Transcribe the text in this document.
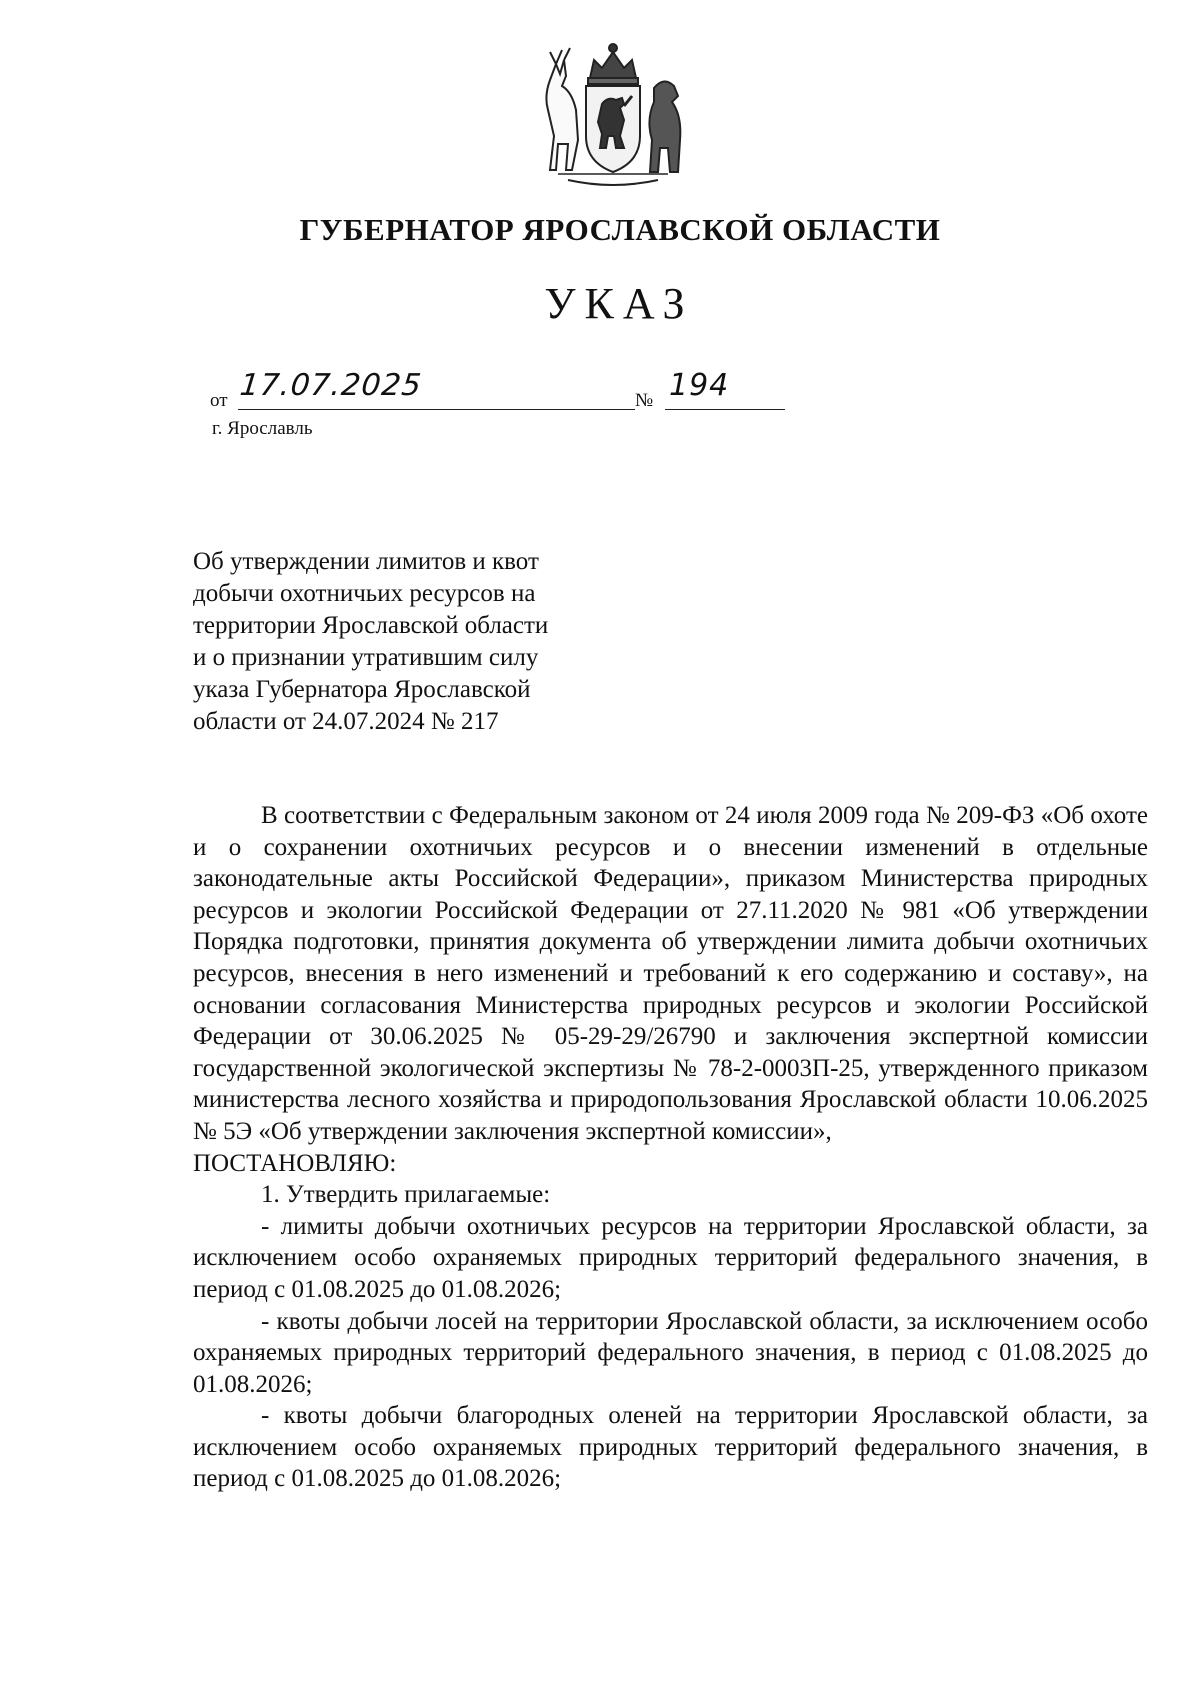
ГУБЕРНАТОР ЯРОСЛАВСКОЙ ОБЛАСТИ
УКАЗ
от 17.07.2025	№ 194
г. Ярославль
Об утверждении лимитов и квот
добычи охотничьих ресурсов на
территории Ярославской области
и о признании утратившим силу
указа Губернатора Ярославской
области от 24.07.2024 № 217

В соответствии с Федеральным законом от 24 июля 2009 года № 209-ФЗ «Об охоте и о сохранении охотничьих ресурсов и о внесении изменений в отдельные законодательные акты Российской Федерации», приказом Министерства природных ресурсов и экологии Российской Федерации от 27.11.2020 № 981 «Об утверждении Порядка подготовки, принятия документа об утверждении лимита добычи охотничьих ресурсов, внесения в него изменений и требований к его содержанию и составу», на основании согласования Министерства природных ресурсов и экологии Российской Федерации от 30.06.2025 № 05-29-29/26790 и заключения экспертной комиссии государственной экологической экспертизы № 78-2-0003П-25, утвержденного приказом министерства лесного хозяйства и природопользования Ярославской области 10.06.2025 № 5Э «Об утверждении заключения экспертной комиссии»,

ПОСТАНОВЛЯЮ:

1. Утвердить прилагаемые:

- лимиты добычи охотничьих ресурсов на территории Ярославской области, за исключением особо охраняемых природных территорий федерального значения, в период с 01.08.2025 до 01.08.2026;

- квоты добычи лосей на территории Ярославской области, за исключением особо охраняемых природных территорий федерального значения, в период с 01.08.2025 до 01.08.2026;

- квоты добычи благородных оленей на территории Ярославской области, за исключением особо охраняемых природных территорий федерального значения, в период с 01.08.2025 до 01.08.2026;
